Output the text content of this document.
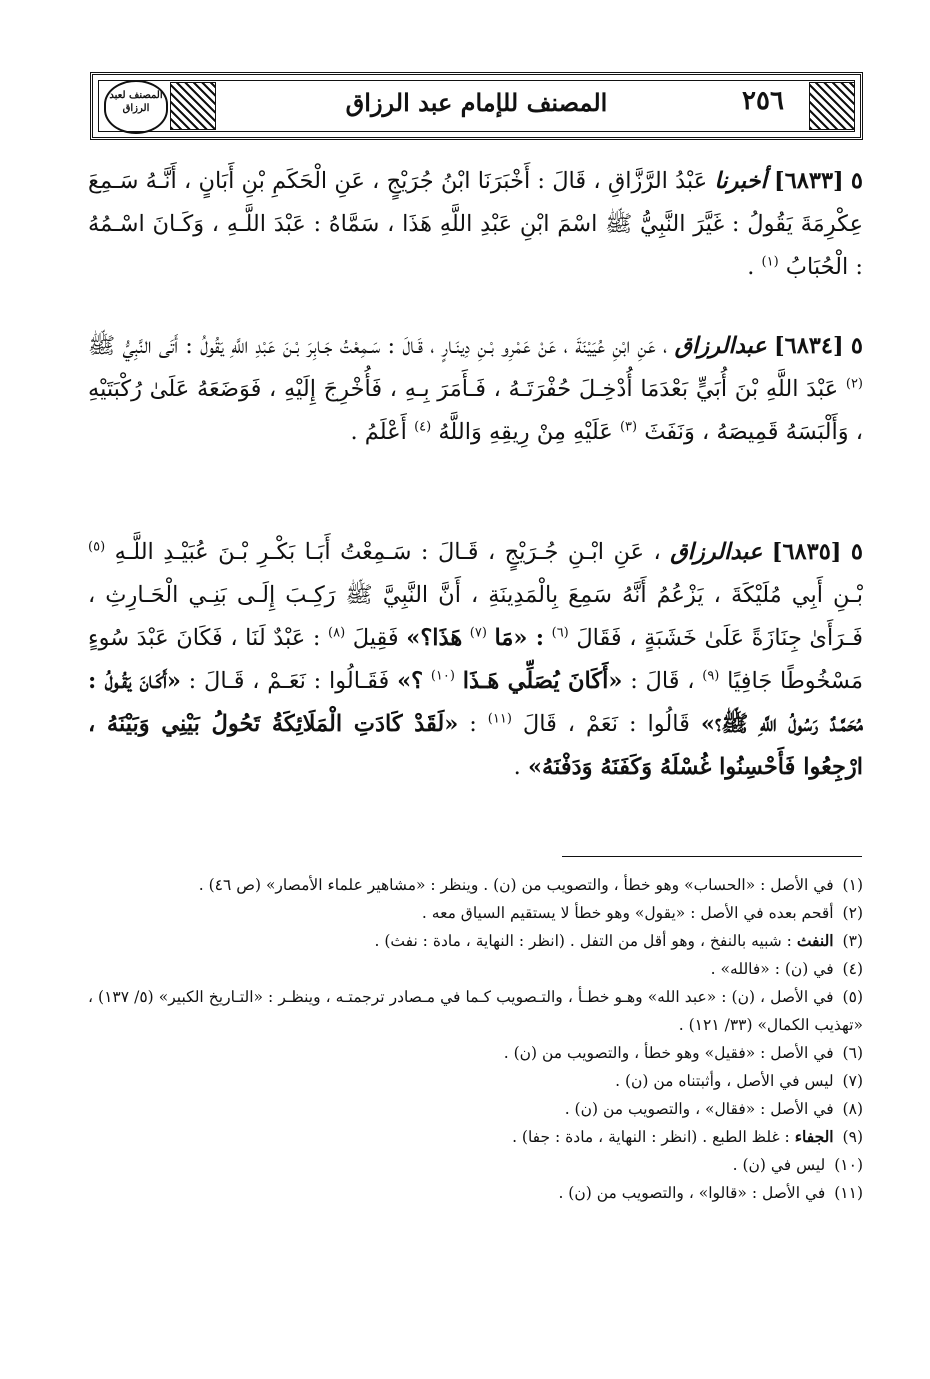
٢٥٦
المصنف للإمام عبد الرزاق
المصنف لعبد الرزاق
٥ [٦٨٣٣] أخبرنا عَبْدُ الرَّزَّاقِ ، قَالَ : أَخْبَرَنَا ابْنُ جُرَيْجٍ ، عَنِ الْحَكَمِ بْنِ أَبَانٍ ، أَنَّـهُ سَـمِعَ عِكْرِمَةَ يَقُولُ : غَيَّرَ النَّبِيُّ ﷺ اسْمَ ابْنِ عَبْدِ اللَّهِ هَذَا ، سَمَّاهُ : عَبْدَ اللَّـهِ ، وَكَـانَ اسْـمُهُ : الْحُبَابُ $^{(١)}$ .
٥ [٦٨٣٤] عبدالرزاق ، عَنِ ابْنِ عُيَيْنَةَ ، عَنْ عَمْرِو بْـنِ دِينَـارٍ ، قَـالَ : سَـمِعْتُ جَـابِرَ بْـنَ عَبْدِ اللَّهِ يَقُولُ : أَتَى النَّبِيُّ ﷺ $^{(٢)}$ عَبْدَ اللَّهِ بْنَ أُبَيٍّ بَعْدَمَا أُدْخِـلَ حُفْرَتَـهُ ، فَـأَمَرَ بِـهِ ، فَأُخْرِجَ إِلَيْهِ ، فَوَضَعَهُ عَلَىٰ رُكْبَتَيْهِ ، وَأَلْبَسَهُ قَمِيصَهُ ، وَنَفَثَ $^{(٣)}$ عَلَيْهِ مِنْ رِيقِهِ وَاللَّهُ $^{(٤)}$ أَعْلَمُ .
٥ [٦٨٣٥] عبدالرزاق ، عَنِ ابْـنِ جُـرَيْجٍ ، قَـالَ : سَـمِعْتُ أَبَـا بَكْـرِ بْـنَ عُبَيْـدِ اللَّـهِ $^{(٥)}$ بْـنِ أَبِي مُلَيْكَةَ ، يَزْعُمُ أَنَّهُ سَمِعَ بِالْمَدِينَةِ ، أَنَّ النَّبِيَّ ﷺ رَكِـبَ إِلَـى بَنِـي الْحَـارِثِ ، فَـرَأَىٰ جِنَازَةً عَلَىٰ خَشَبَةٍ ، فَقَالَ $^{(٦)}$ : «مَا $^{(٧)}$ هَذَا؟» فَقِيلَ $^{(٨)}$ : عَبْدٌ لَنَا ، فَكَانَ عَبْدَ سُوءٍ مَسْخُوطًا جَافِيًا $^{(٩)}$ ، قَالَ : «أَكَانَ يُصَلِّي هَـذَا $^{(١٠)}$ ؟» فَقَـالُوا : نَعَـمْ ، قَـالَ : «أَكَـانَ يَقُـولُ : مُحَمَّـدٌ رَسُولُ اللَّهِ ﷺ؟» قَالُوا : نَعَمْ ، قَالَ $^{(١١)}$ : «لَقَدْ كَادَتِ الْمَلَائِكَةُ تَحُولُ بَيْنِي وَبَيْنَهُ ، ارْجِعُوا فَأَحْسِنُوا غُسْلَهُ وَكَفَنَهُ وَدَفْنَهُ» .
(١) في الأصل : «الحساب» وهو خطأ ، والتصويب من (ن) . وينظر : «مشاهير علماء الأمصار» (ص ٤٦) .
(٢) أقحم بعده في الأصل : «يقول» وهو خطأ لا يستقيم السياق معه .
(٣) النفث : شبيه بالنفخ ، وهو أقل من التفل . (انظر : النهاية ، مادة : نفث) .
(٤) في (ن) : «فالله» .
(٥) في الأصل ، (ن) : «عبد الله» وهـو خطـأ ، والتـصويب كـما في مـصادر ترجمتـه ، وينظـر : «التـاريخ الكبير» (٥/ ١٣٧) ، «تهذيب الكمال» (٣٣/ ١٢١) .
(٦) في الأصل : «فقيل» وهو خطأ ، والتصويب من (ن) .
(٧) ليس في الأصل ، وأثبتناه من (ن) .
(٨) في الأصل : «فقال» ، والتصويب من (ن) .
(٩) الجفاء : غلظ الطبع . (انظر : النهاية ، مادة : جفا) .
(١٠) ليس في (ن) .
(١١) في الأصل : «قالوا» ، والتصويب من (ن) .
